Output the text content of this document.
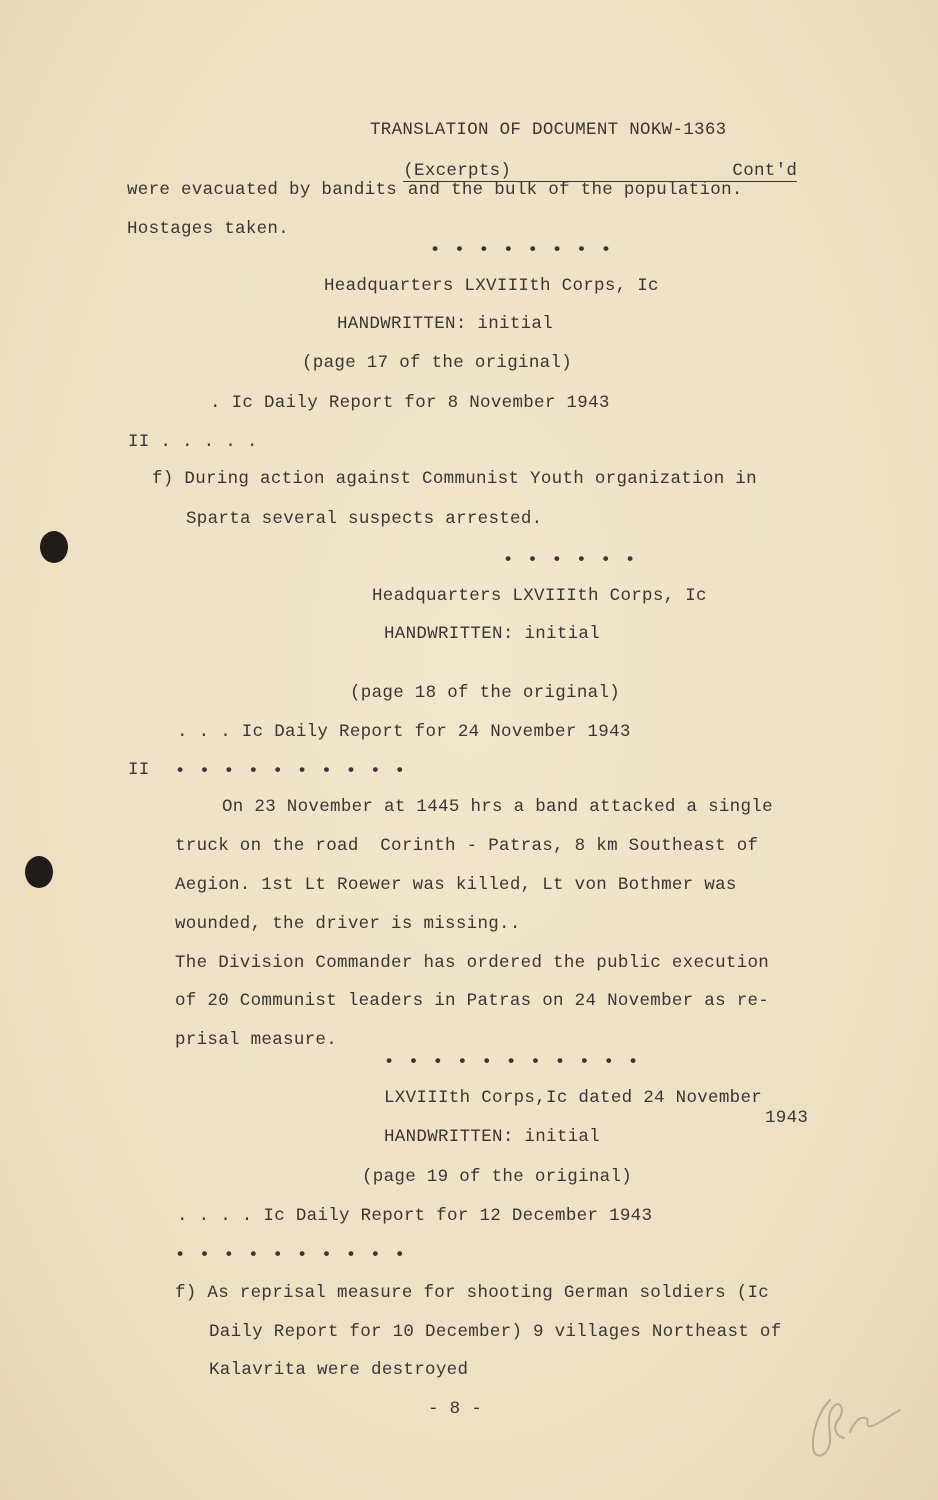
TRANSLATION OF DOCUMENT NOKW-1363

(Excerpts)

	Cont'd

were evacuated by bandits and the bulk of the population.
Hostages taken.
• • • • • • • •
Headquarters LXVIIIth Corps, Ic
HANDWRITTEN: initial
(page 17 of the original)
. Ic Daily Report for 8 November 1943
II . . . . .
f) During action against Communist Youth organization in
Sparta several suspects arrested.
• • • • • •
Headquarters LXVIIIth Corps, Ic
HANDWRITTEN: initial
(page 18 of the original)
. . . Ic Daily Report for 24 November 1943
II • • • • • • • • • •
On 23 November at 1445 hrs a band attacked a single
truck on the road  Corinth - Patras, 8 km Southeast of
Aegion. 1st Lt Roewer was killed, Lt von Bothmer was
wounded, the driver is missing..
The Division Commander has ordered the public execution
of 20 Communist leaders in Patras on 24 November as re-
prisal measure.
• • • • • • • • • • •
LXVIIIth Corps,Ic dated 24 November
1943
HANDWRITTEN: initial
(page 19 of the original)
. . . . Ic Daily Report for 12 December 1943
• • • • • • • • • •
f) As reprisal measure for shooting German soldiers (Ic
Daily Report for 10 December) 9 villages Northeast of
Kalavrita were destroyed
- 8 -
